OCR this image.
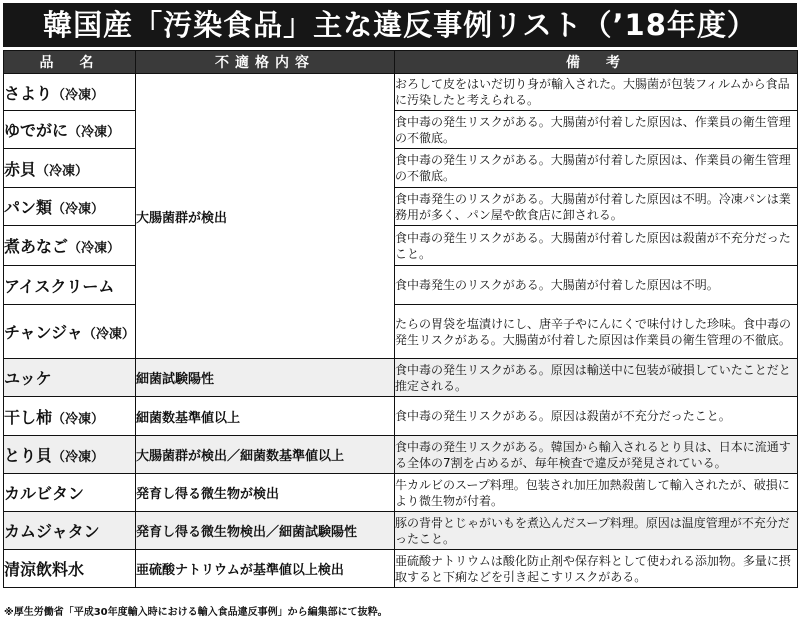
韓国産「汚染食品」主な違反事例リスト（’18年度）
品　名	不適格内容	備　考
さより（冷凍）	大腸菌群が検出	おろして皮をはいだ切り身が輸入された。大腸菌が包装フィルムから食品に汚染したと考えられる。
ゆでがに（冷凍）		食中毒の発生リスクがある。大腸菌が付着した原因は、作業員の衛生管理の不徹底。
赤貝（冷凍）		食中毒の発生リスクがある。大腸菌が付着した原因は、作業員の衛生管理の不徹底。
パン類（冷凍）		食中毒発生のリスクがある。大腸菌が付着した原因は不明。冷凍パンは業務用が多く、パン屋や飲食店に卸される。
煮あなご（冷凍）		食中毒の発生リスクがある。大腸菌が付着した原因は殺菌が不充分だったこと。
アイスクリーム		食中毒発生のリスクがある。大腸菌が付着した原因は不明。
チャンジャ（冷凍）		たらの胃袋を塩漬けにし、唐辛子やにんにくで味付けした珍味。食中毒の発生リスクがある。大腸菌が付着した原因は作業員の衛生管理の不徹底。
ユッケ	細菌試験陽性	食中毒の発生リスクがある。原因は輸送中に包装が破損していたことだと推定される。
干し柿（冷凍）	細菌数基準値以上	食中毒の発生リスクがある。原因は殺菌が不充分だったこと。
とり貝（冷凍）	大腸菌群が検出／細菌数基準値以上	食中毒の発生リスクがある。韓国から輸入されるとり貝は、日本に流通する全体の7割を占めるが、毎年検査で違反が発見されている。
カルビタン	発育し得る微生物が検出	牛カルビのスープ料理。包装され加圧加熱殺菌して輸入されたが、破損により微生物が付着。
カムジャタン	発育し得る微生物検出／細菌試験陽性	豚の背骨とじゃがいもを煮込んだスープ料理。原因は温度管理が不充分だったこと。
清涼飲料水	亜硫酸ナトリウムが基準値以上検出	亜硫酸ナトリウムは酸化防止剤や保存料として使われる添加物。多量に摂取すると下痢などを引き起こすリスクがある。
※厚生労働省「平成30年度輸入時における輸入食品違反事例」から編集部にて抜粋。
